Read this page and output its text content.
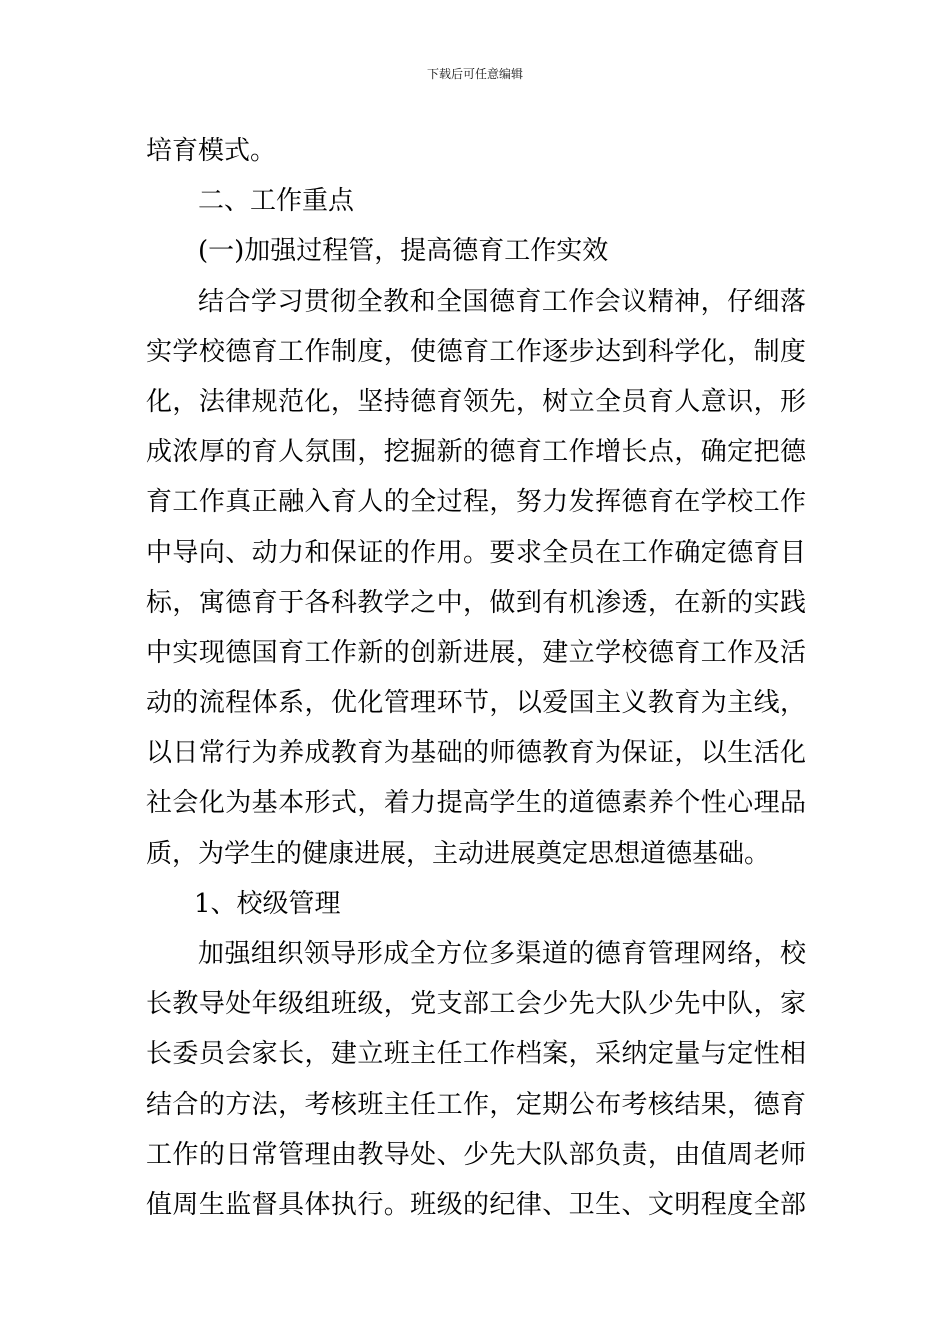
下载后可任意编辑
培育模式。
二、工作重点
(一)加强过程管，提高德育工作实效
结合学习贯彻全教和全国德育工作会议精神，仔细落
实学校德育工作制度，使德育工作逐步达到科学化，制度
化，法律规范化，坚持德育领先，树立全员育人意识，形
成浓厚的育人氛围，挖掘新的德育工作增长点，确定把德
育工作真正融入育人的全过程，努力发挥德育在学校工作
中导向、动力和保证的作用。要求全员在工作确定德育目
标，寓德育于各科教学之中，做到有机渗透，在新的实践
中实现德国育工作新的创新进展，建立学校德育工作及活
动的流程体系，优化管理环节，以爱国主义教育为主线，
以日常行为养成教育为基础的师德教育为保证，以生活化
社会化为基本形式，着力提高学生的道德素养个性心理品
质，为学生的健康进展，主动进展奠定思想道德基础。
1、校级管理
加强组织领导形成全方位多渠道的德育管理网络，校
长教导处年级组班级，党支部工会少先大队少先中队，家
长委员会家长，建立班主任工作档案，采纳定量与定性相
结合的方法，考核班主任工作，定期公布考核结果，德育
工作的日常管理由教导处、少先大队部负责，由值周老师
值周生监督具体执行。班级的纪律、卫生、文明程度全部
